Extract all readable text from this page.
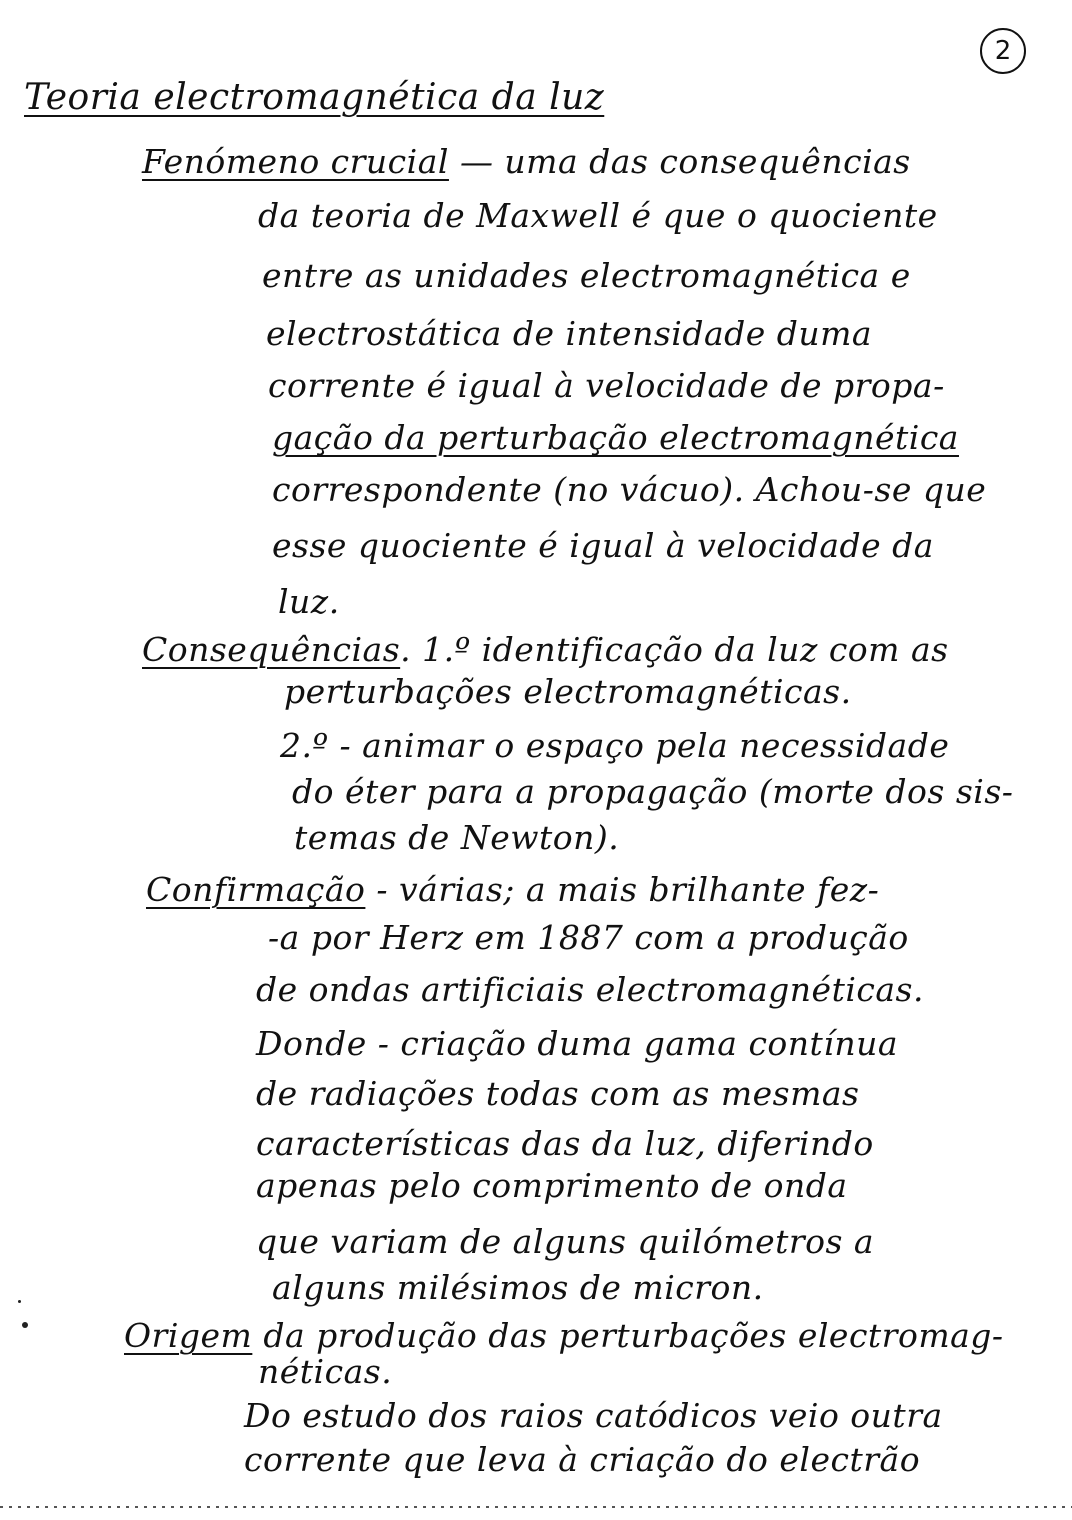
2
Teoria electromagnética da luz
Fenómeno crucial — uma das consequências
da teoria de Maxwell é que o quociente
entre as unidades electromagnética e
electrostática de intensidade duma
corrente é igual à velocidade de propa-
gação da perturbação electromagnética
correspondente (no vácuo). Achou-se que
esse quociente é igual à velocidade da
luz.
Consequências. 1.º identificação da luz com as
perturbações electromagnéticas.
2.º - animar o espaço pela necessidade
do éter para a propagação (morte dos sis-
temas de Newton).
Confirmação - várias; a mais brilhante fez-
-a por Herz em 1887 com a produção
de ondas artificiais electromagnéticas.
Donde - criação duma gama contínua
de radiações todas com as mesmas
características das da luz, diferindo
apenas pelo comprimento de onda
que variam de alguns quilómetros a
alguns milésimos de micron.
Origem da produção das perturbações electromag-
néticas.
Do estudo dos raios catódicos veio outra
corrente que leva à criação do electrão
